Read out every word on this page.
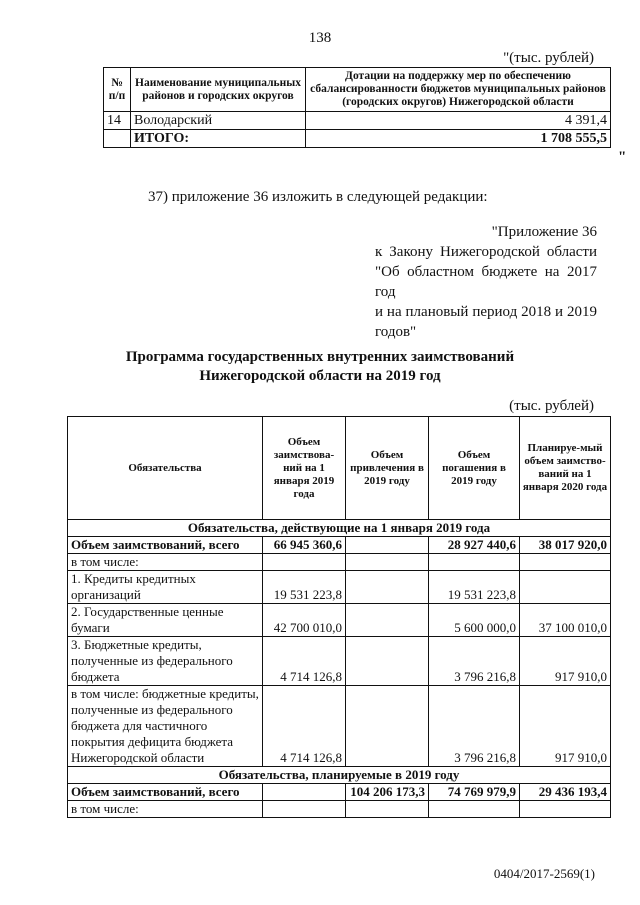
138
"(тыс. рублей)
№ п/п	Наименование муниципальных районов и городских округов	Дотации на поддержку мер по обеспечению сбалансированности бюджетов муниципальных районов (городских округов) Нижегородской области
14	Володарский	4 391,4
	ИТОГО:	1 708 555,5
"
37) приложение 36 изложить в следующей редакции:
"Приложение 36
к Закону Нижегородской области
"Об областном бюджете на 2017 год
и на плановый период 2018 и 2019
годов"
Программа государственных внутренних заимствований
Нижегородской области на 2019 год
(тыс. рублей)
Обязательства	Объем заимствова-ний на 1 января 2019 года	Объем привлечения в 2019 году	Объем погашения в 2019 году	Планируе-мый объем заимство-ваний на 1 января 2020 года
Обязательства, действующие на 1 января 2019 года				
Объем заимствований, всего	66 945 360,6		28 927 440,6	38 017 920,0
в том числе:				
1. Кредиты кредитных организаций	19 531 223,8		19 531 223,8	
2. Государственные ценные бумаги	42 700 010,0		5 600 000,0	37 100 010,0
3. Бюджетные кредиты, полученные из федерального бюджета	4 714 126,8		3 796 216,8	917 910,0
в том числе: бюджетные кредиты, полученные из федерального бюджета для частичного покрытия дефицита бюджета Нижегородской области	4 714 126,8		3 796 216,8	917 910,0
Обязательства, планируемые в 2019 году				
Объем заимствований, всего		104 206 173,3	74 769 979,9	29 436 193,4
в том числе:				
0404/2017-2569(1)
